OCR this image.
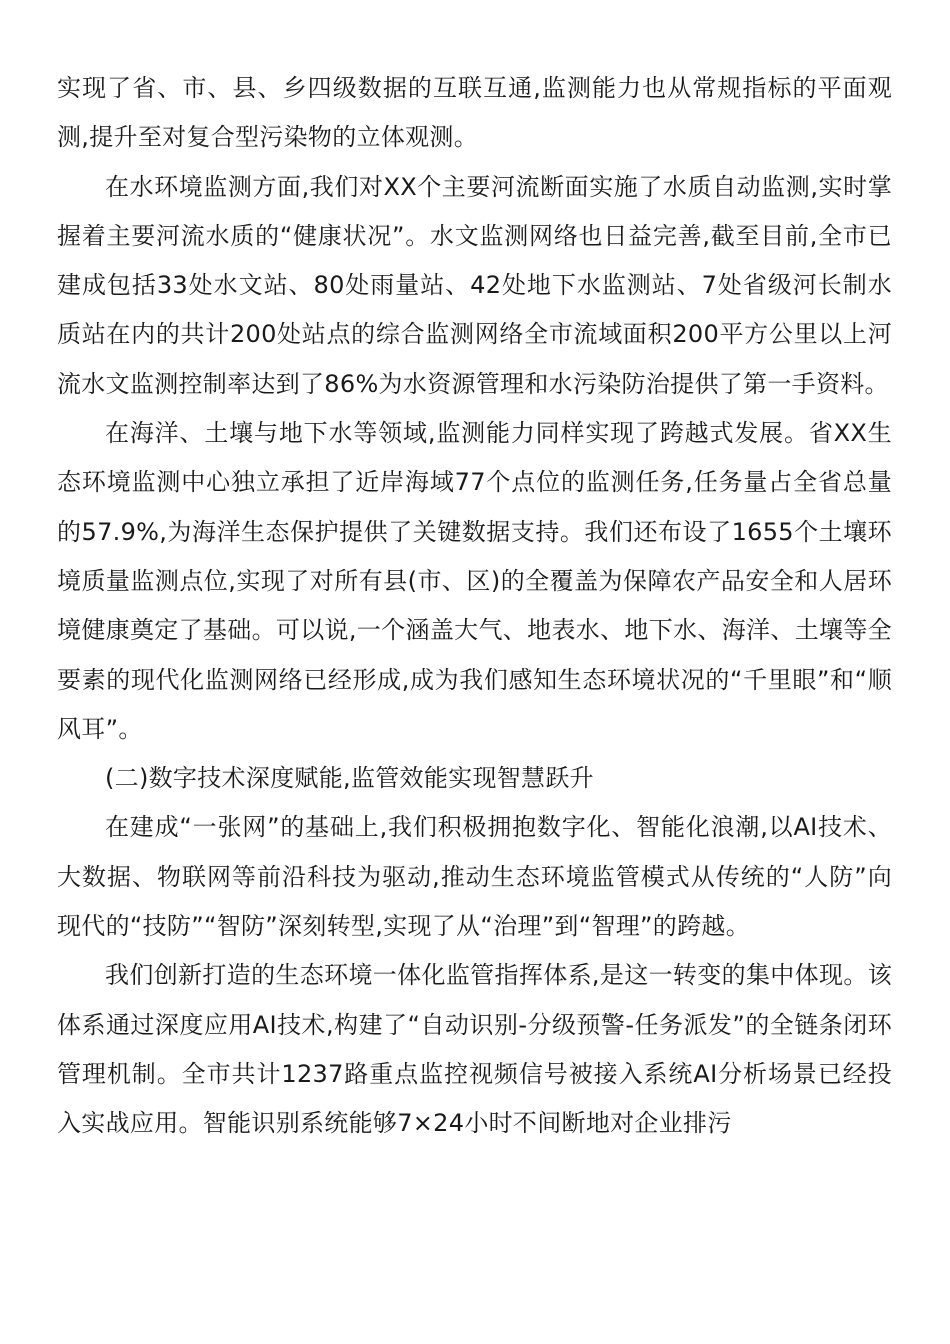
实现了省、市、县、乡四级数据的互联互通,监测能力也从常规指标的平面观测,提升至对复合型污染物的立体观测。

在水环境监测方面,我们对XX个主要河流断面实施了水质自动监测,实时掌握着主要河流水质的“健康状况”。水文监测网络也日益完善,截至目前,全市已建成包括33处水文站、80处雨量站、42处地下水监测站、7处省级河长制水质站在内的共计200处站点的综合监测网络全市流域面积200平方公里以上河流水文监测控制率达到了86%为水资源管理和水污染防治提供了第一手资料。

在海洋、土壤与地下水等领域,监测能力同样实现了跨越式发展。省XX生态环境监测中心独立承担了近岸海域77个点位的监测任务,任务量占全省总量的57.9%,为海洋生态保护提供了关键数据支持。我们还布设了1655个土壤环境质量监测点位,实现了对所有县(市、区)的全覆盖为保障农产品安全和人居环境健康奠定了基础。可以说,一个涵盖大气、地表水、地下水、海洋、土壤等全要素的现代化监测网络已经形成,成为我们感知生态环境状况的“千里眼”和“顺风耳”。

(二)数字技术深度赋能,监管效能实现智慧跃升

在建成“一张网”的基础上,我们积极拥抱数字化、智能化浪潮,以AI技术、大数据、物联网等前沿科技为驱动,推动生态环境监管模式从传统的“人防”向现代的“技防”“智防”深刻转型,实现了从“治理”到“智理”的跨越。

我们创新打造的生态环境一体化监管指挥体系,是这一转变的集中体现。该体系通过深度应用AI技术,构建了“自动识别-分级预警-任务派发”的全链条闭环管理机制。全市共计1237路重点监控视频信号被接入系统AI分析场景已经投入实战应用。智能识别系统能够7×24小时不间断地对企业排污
